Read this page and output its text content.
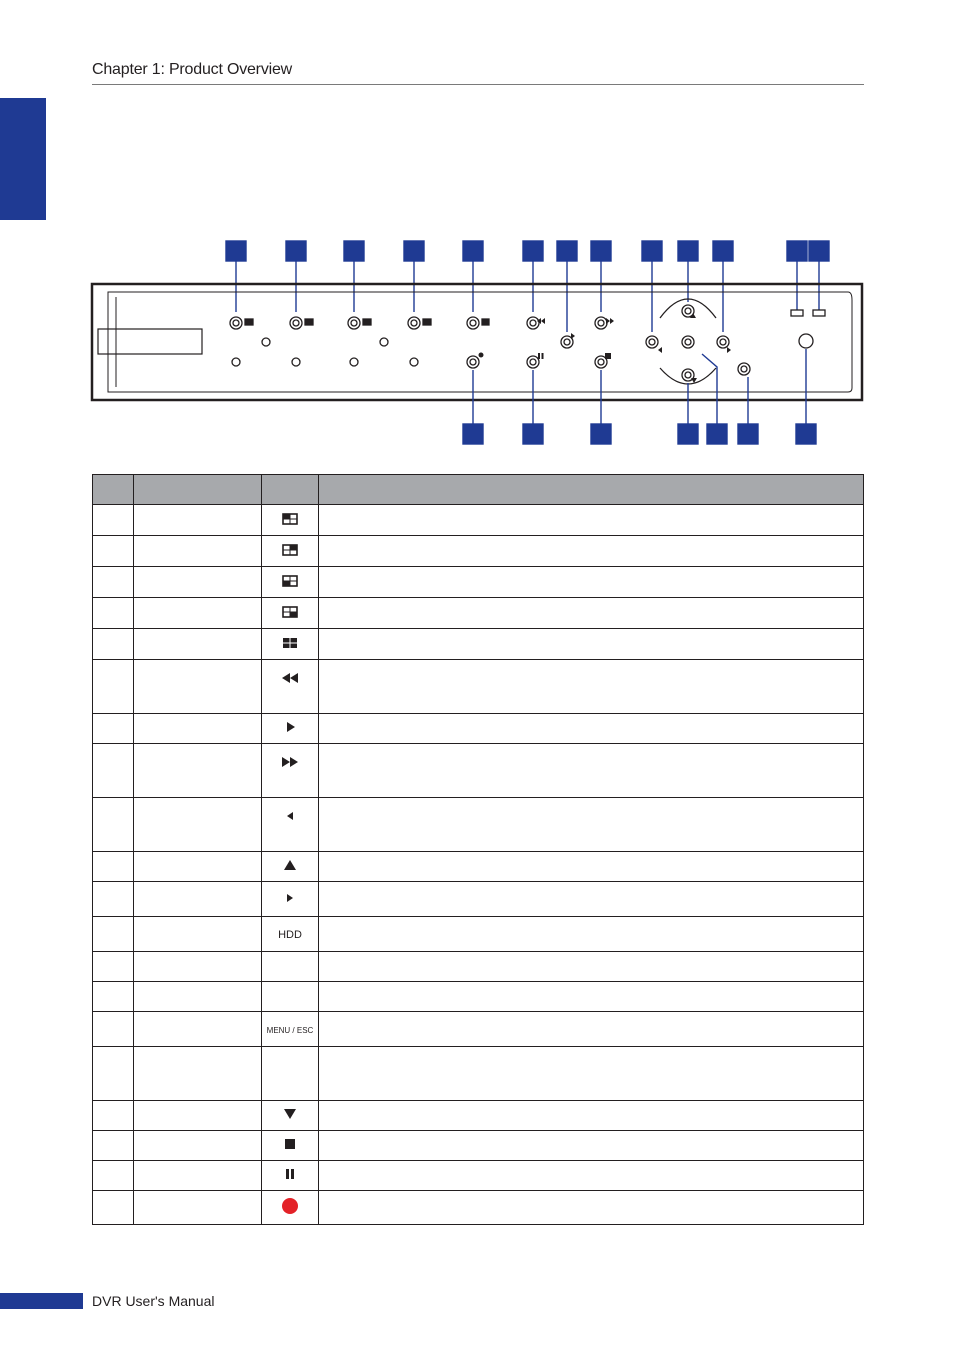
Chapter 1: Product Overview

		HDD	

		MENU / ESC	

DVR User's Manual
